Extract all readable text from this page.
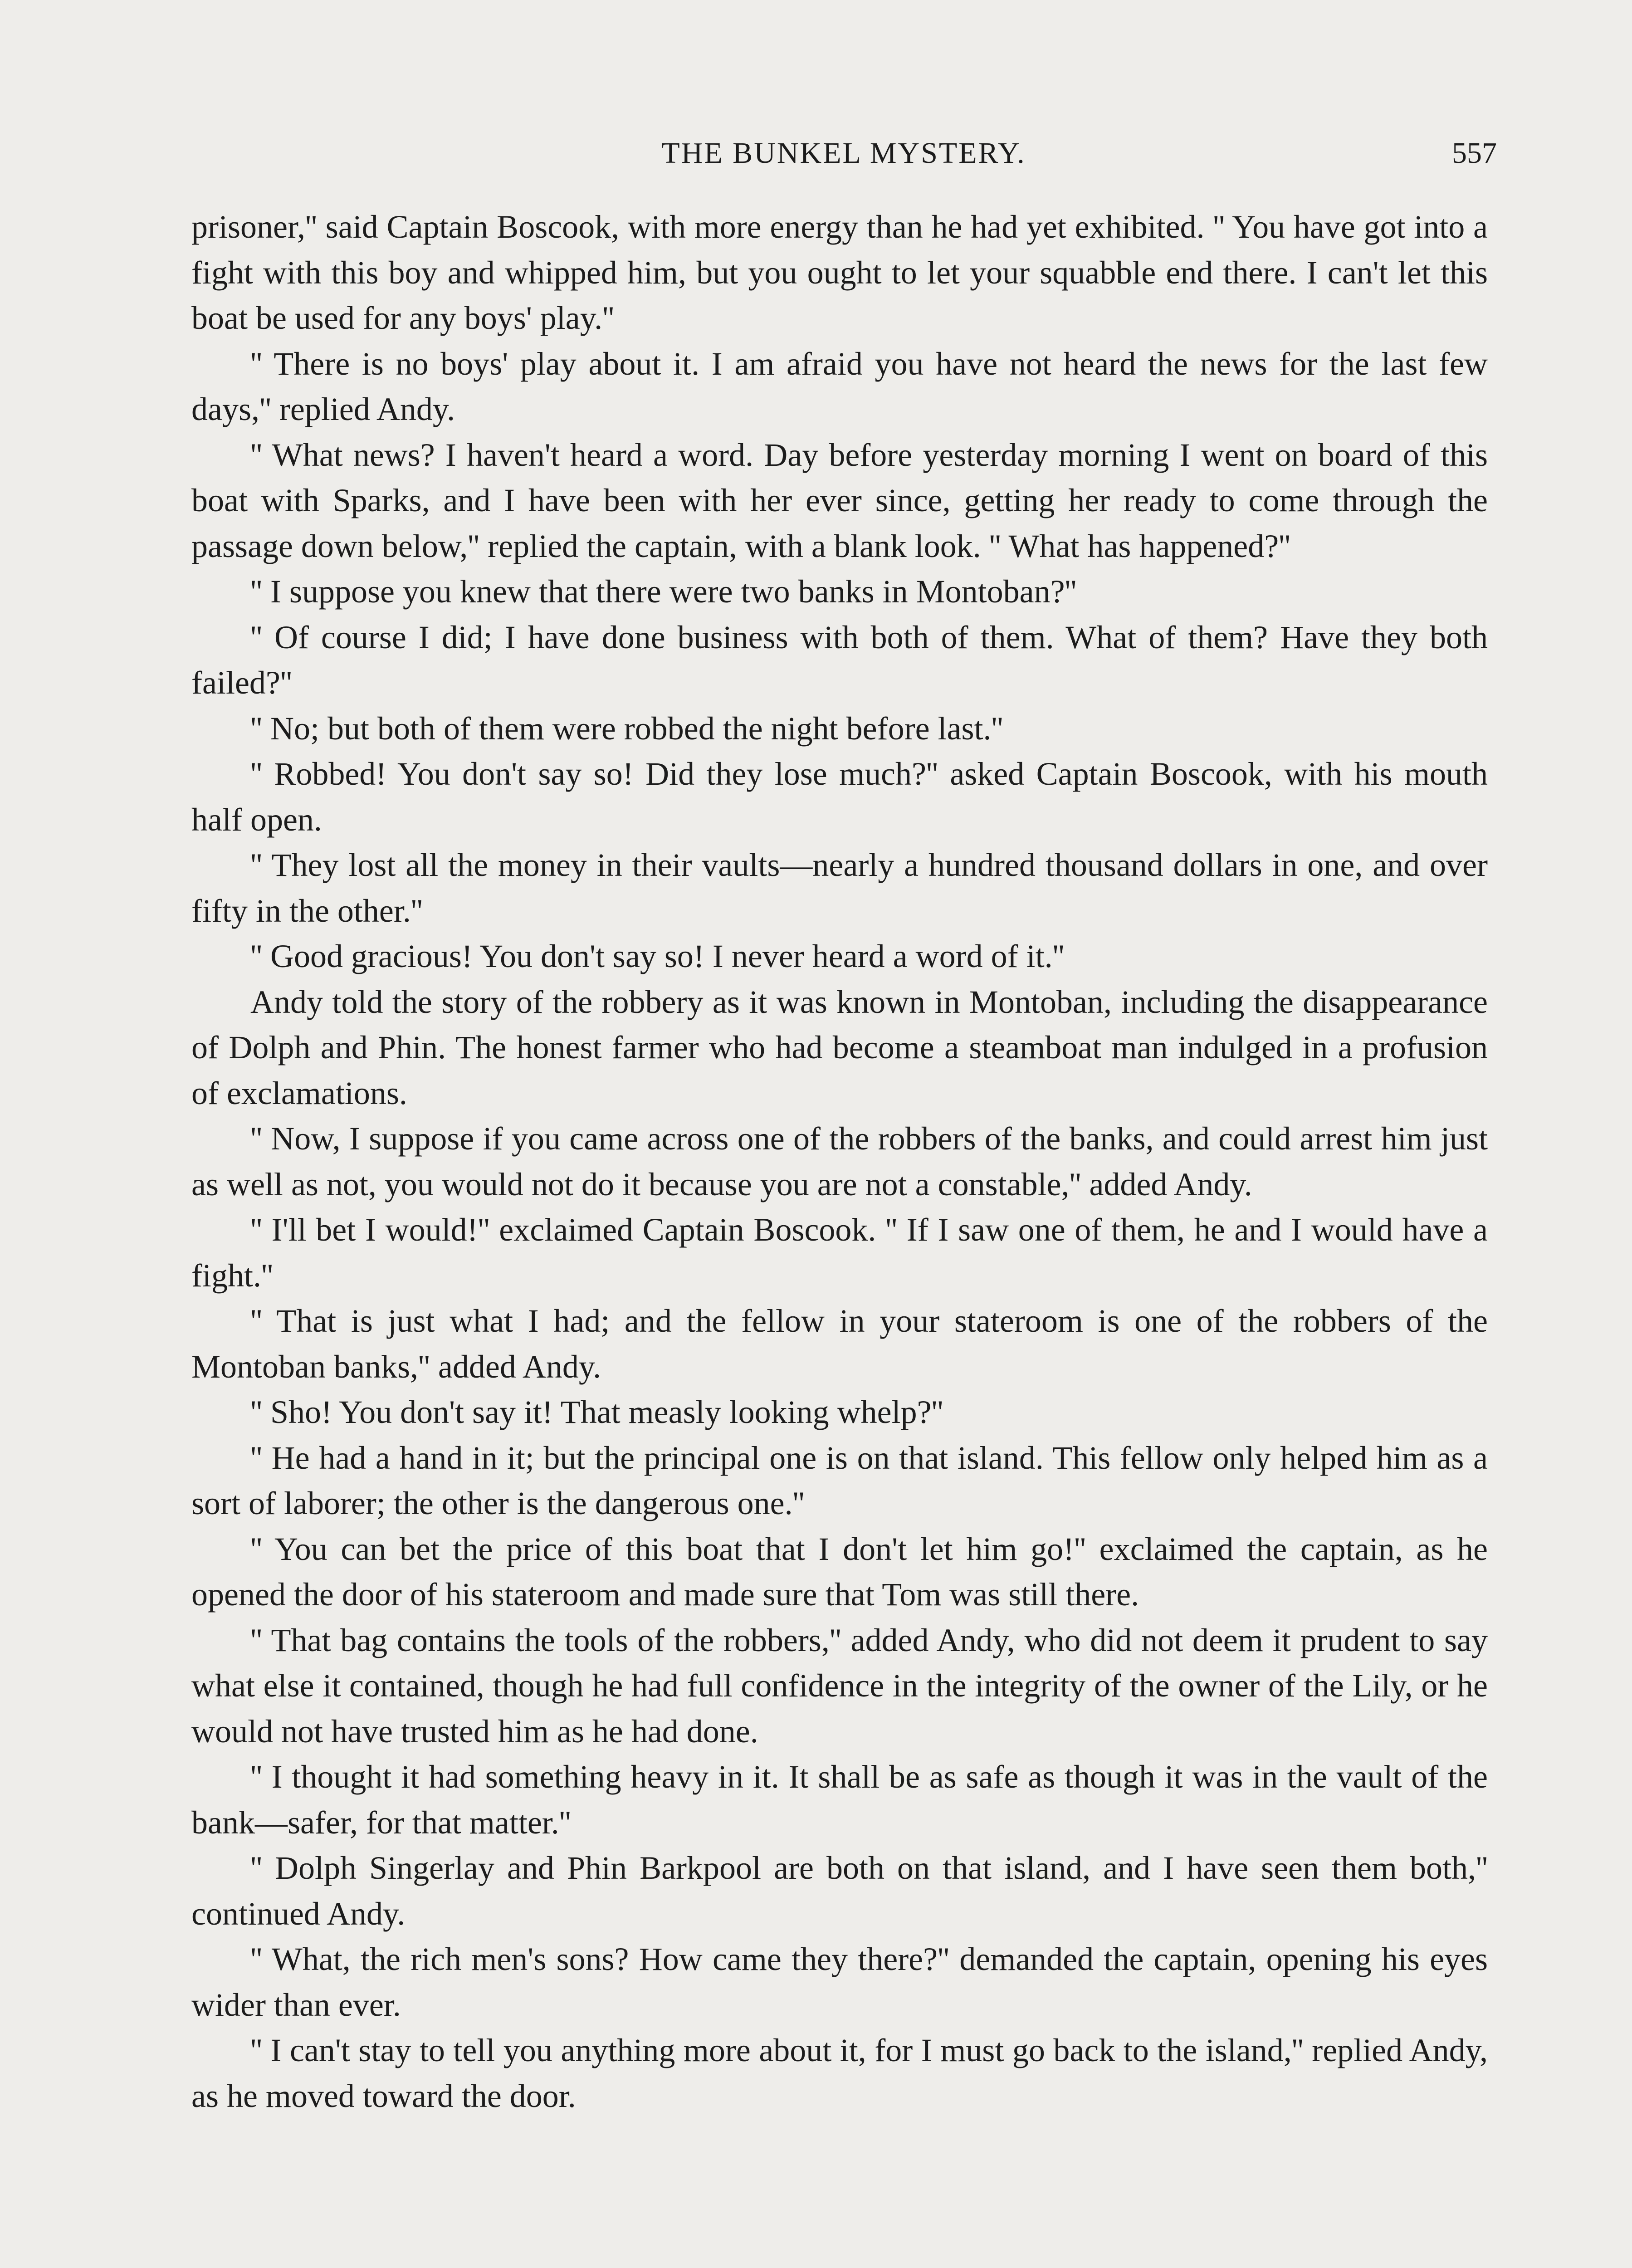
THE BUNKEL MYSTERY.	557

prisoner,'' said Captain Boscook, with more energy than he had yet exhibited. '' You have got into a fight with this boy and whipped him, but you ought to let your squabble end there. I can't let this boat be used for any boys' play.''

'' There is no boys' play about it. I am afraid you have not heard the news for the last few days,'' replied Andy.

'' What news? I haven't heard a word. Day before yesterday morning I went on board of this boat with Sparks, and I have been with her ever since, getting her ready to come through the passage down below,'' replied the captain, with a blank look. '' What has happened?''

'' I suppose you knew that there were two banks in Montoban?''

'' Of course I did; I have done business with both of them. What of them? Have they both failed?''

'' No; but both of them were robbed the night before last.''

'' Robbed! You don't say so! Did they lose much?'' asked Captain Boscook, with his mouth half open.

'' They lost all the money in their vaults—nearly a hundred thousand dollars in one, and over fifty in the other.''

'' Good gracious! You don't say so! I never heard a word of it.''

Andy told the story of the robbery as it was known in Montoban, including the disappearance of Dolph and Phin. The honest farmer who had become a steamboat man indulged in a profusion of exclamations.

'' Now, I suppose if you came across one of the robbers of the banks, and could arrest him just as well as not, you would not do it because you are not a constable,'' added Andy.

'' I'll bet I would!'' exclaimed Captain Boscook. '' If I saw one of them, he and I would have a fight.''

'' That is just what I had; and the fellow in your stateroom is one of the robbers of the Montoban banks,'' added Andy.

'' Sho! You don't say it! That measly looking whelp?''

'' He had a hand in it; but the principal one is on that island. This fellow only helped him as a sort of laborer; the other is the dangerous one.''

'' You can bet the price of this boat that I don't let him go!'' exclaimed the captain, as he opened the door of his stateroom and made sure that Tom was still there.

'' That bag contains the tools of the robbers,'' added Andy, who did not deem it prudent to say what else it contained, though he had full confidence in the integrity of the owner of the Lily, or he would not have trusted him as he had done.

'' I thought it had something heavy in it. It shall be as safe as though it was in the vault of the bank—safer, for that matter.''

'' Dolph Singerlay and Phin Barkpool are both on that island, and I have seen them both,'' continued Andy.

'' What, the rich men's sons? How came they there?'' demanded the captain, opening his eyes wider than ever.

'' I can't stay to tell you anything more about it, for I must go back to the island,'' replied Andy, as he moved toward the door.
